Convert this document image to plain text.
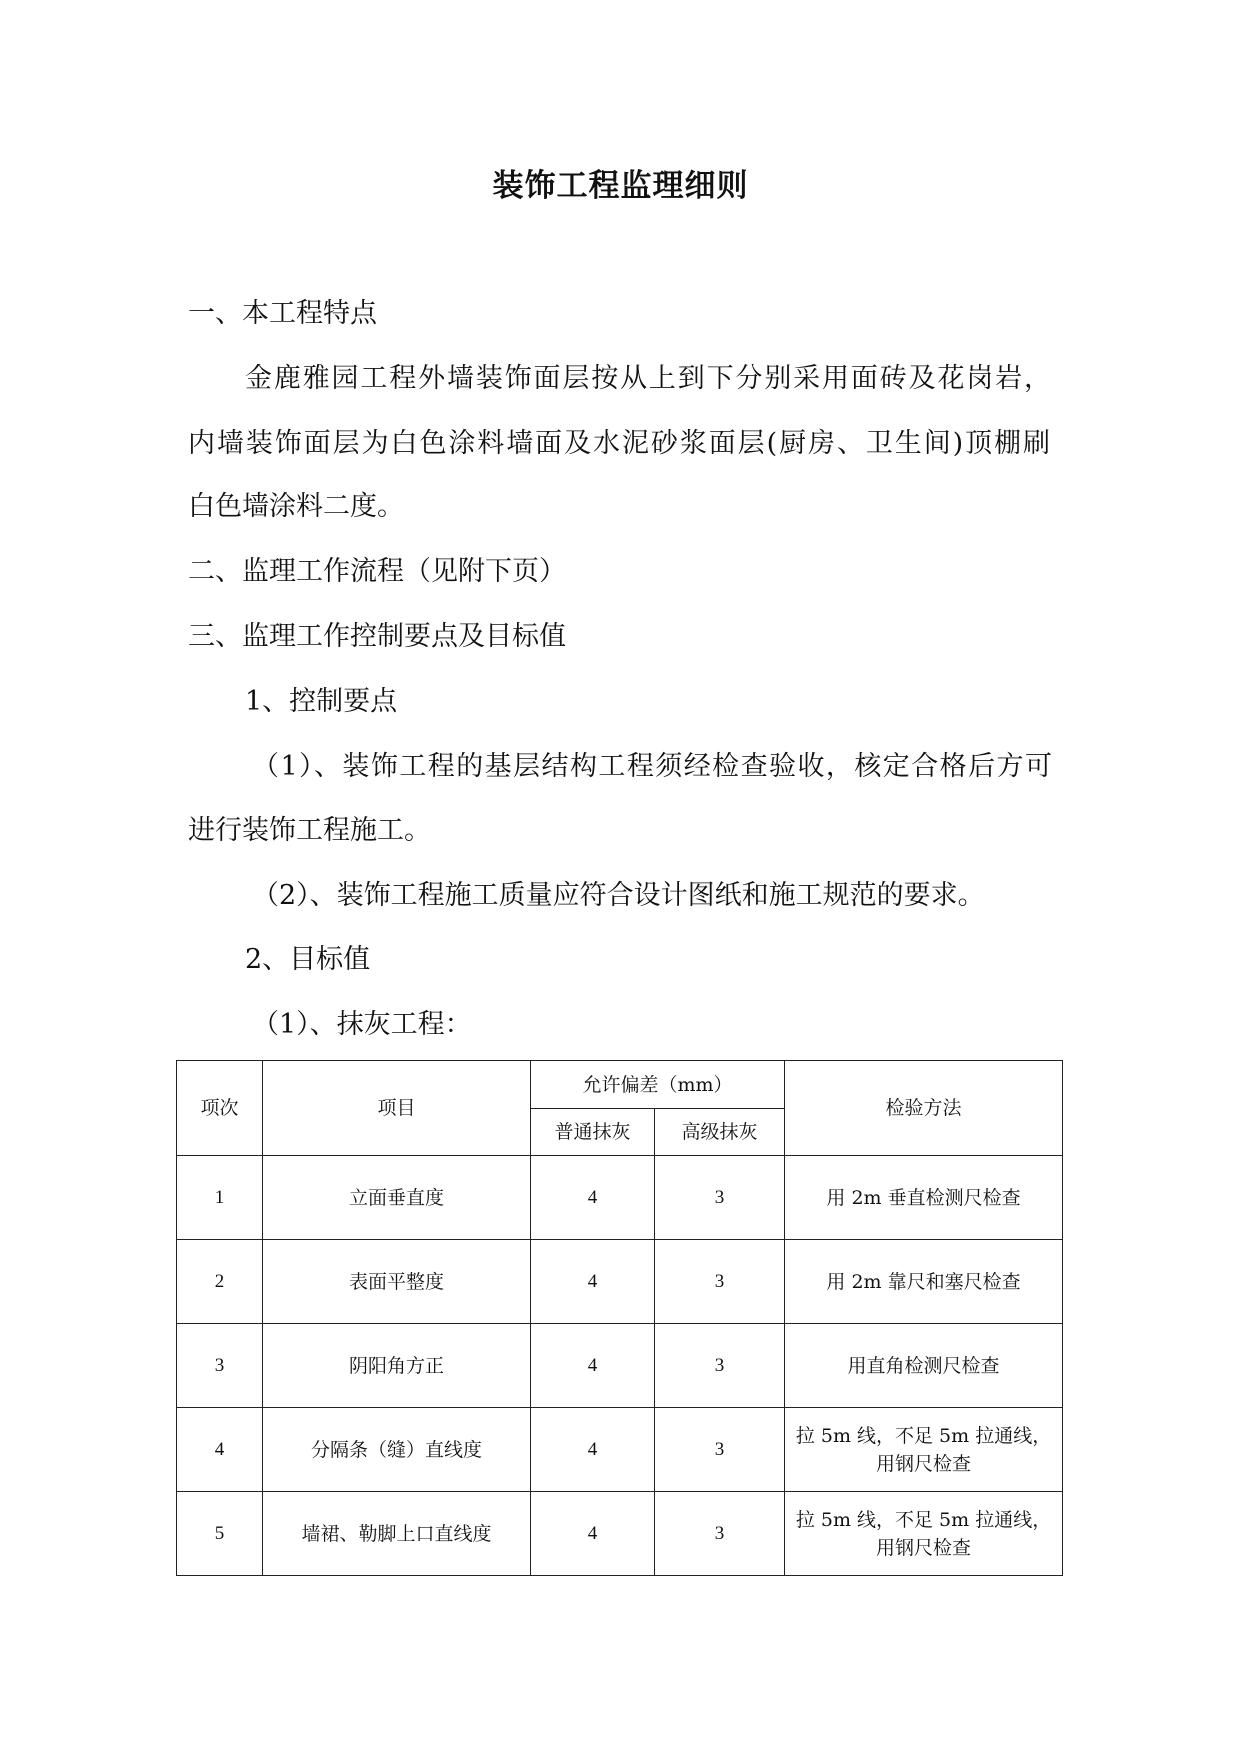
装饰工程监理细则
一、本工程特点
金鹿雅园工程外墙装饰面层按从上到下分别采用面砖及花岗岩，
内墙装饰面层为白色涂料墙面及水泥砂浆面层(厨房、卫生间)顶棚刷
白色墙涂料二度。
二、监理工作流程（见附下页）
三、监理工作控制要点及目标值
1、控制要点
（1）、装饰工程的基层结构工程须经检查验收，核定合格后方可
进行装饰工程施工。
（2）、装饰工程施工质量应符合设计图纸和施工规范的要求。
2、目标值
（1）、抹灰工程：
项次	项目	允许偏差（mm）		检验方法
		普通抹灰	高级抹灰	
1	立面垂直度	4	3	用 2m 垂直检测尺检查
2	表面平整度	4	3	用 2m 靠尺和塞尺检查
3	阴阳角方正	4	3	用直角检测尺检查
4	分隔条（缝）直线度	4	3	拉 5m 线，不足 5m 拉通线，
用钢尺检查

5	墙裙、勒脚上口直线度	4	3	拉 5m 线，不足 5m 拉通线，
用钢尺检查
